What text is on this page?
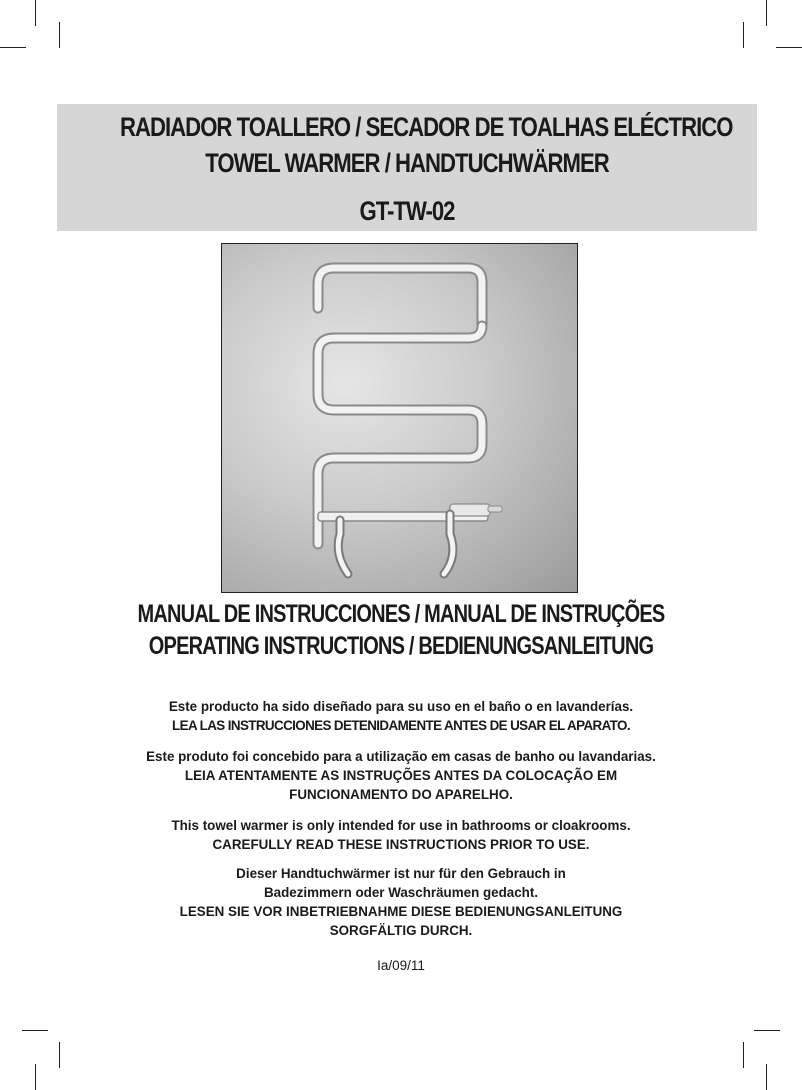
RADIADOR TOALLERO / SECADOR DE TOALHAS ELÉCTRICO
TOWEL WARMER / HANDTUCHWÄRMER
GT-TW-02
MANUAL DE INSTRUCCIONES / MANUAL DE INSTRUÇÕES
OPERATING INSTRUCTIONS / BEDIENUNGSANLEITUNG
Este producto ha sido diseñado para su uso en el baño o en lavanderías.
LEA LAS INSTRUCCIONES DETENIDAMENTE ANTES DE USAR EL APARATO.
Este produto foi concebido para a utilização em casas de banho ou lavandarias.
LEIA ATENTAMENTE AS INSTRUÇÕES ANTES DA COLOCAÇÃO EM
FUNCIONAMENTO DO APARELHO.
This towel warmer is only intended for use in bathrooms or cloakrooms.
CAREFULLY READ THESE INSTRUCTIONS PRIOR TO USE.
Dieser Handtuchwärmer ist nur für den Gebrauch in
Badezimmern oder Waschräumen gedacht.
LESEN SIE VOR INBETRIEBNAHME DIESE BEDIENUNGSANLEITUNG
SORGFÄLTIG DURCH.
Ia/09/11
